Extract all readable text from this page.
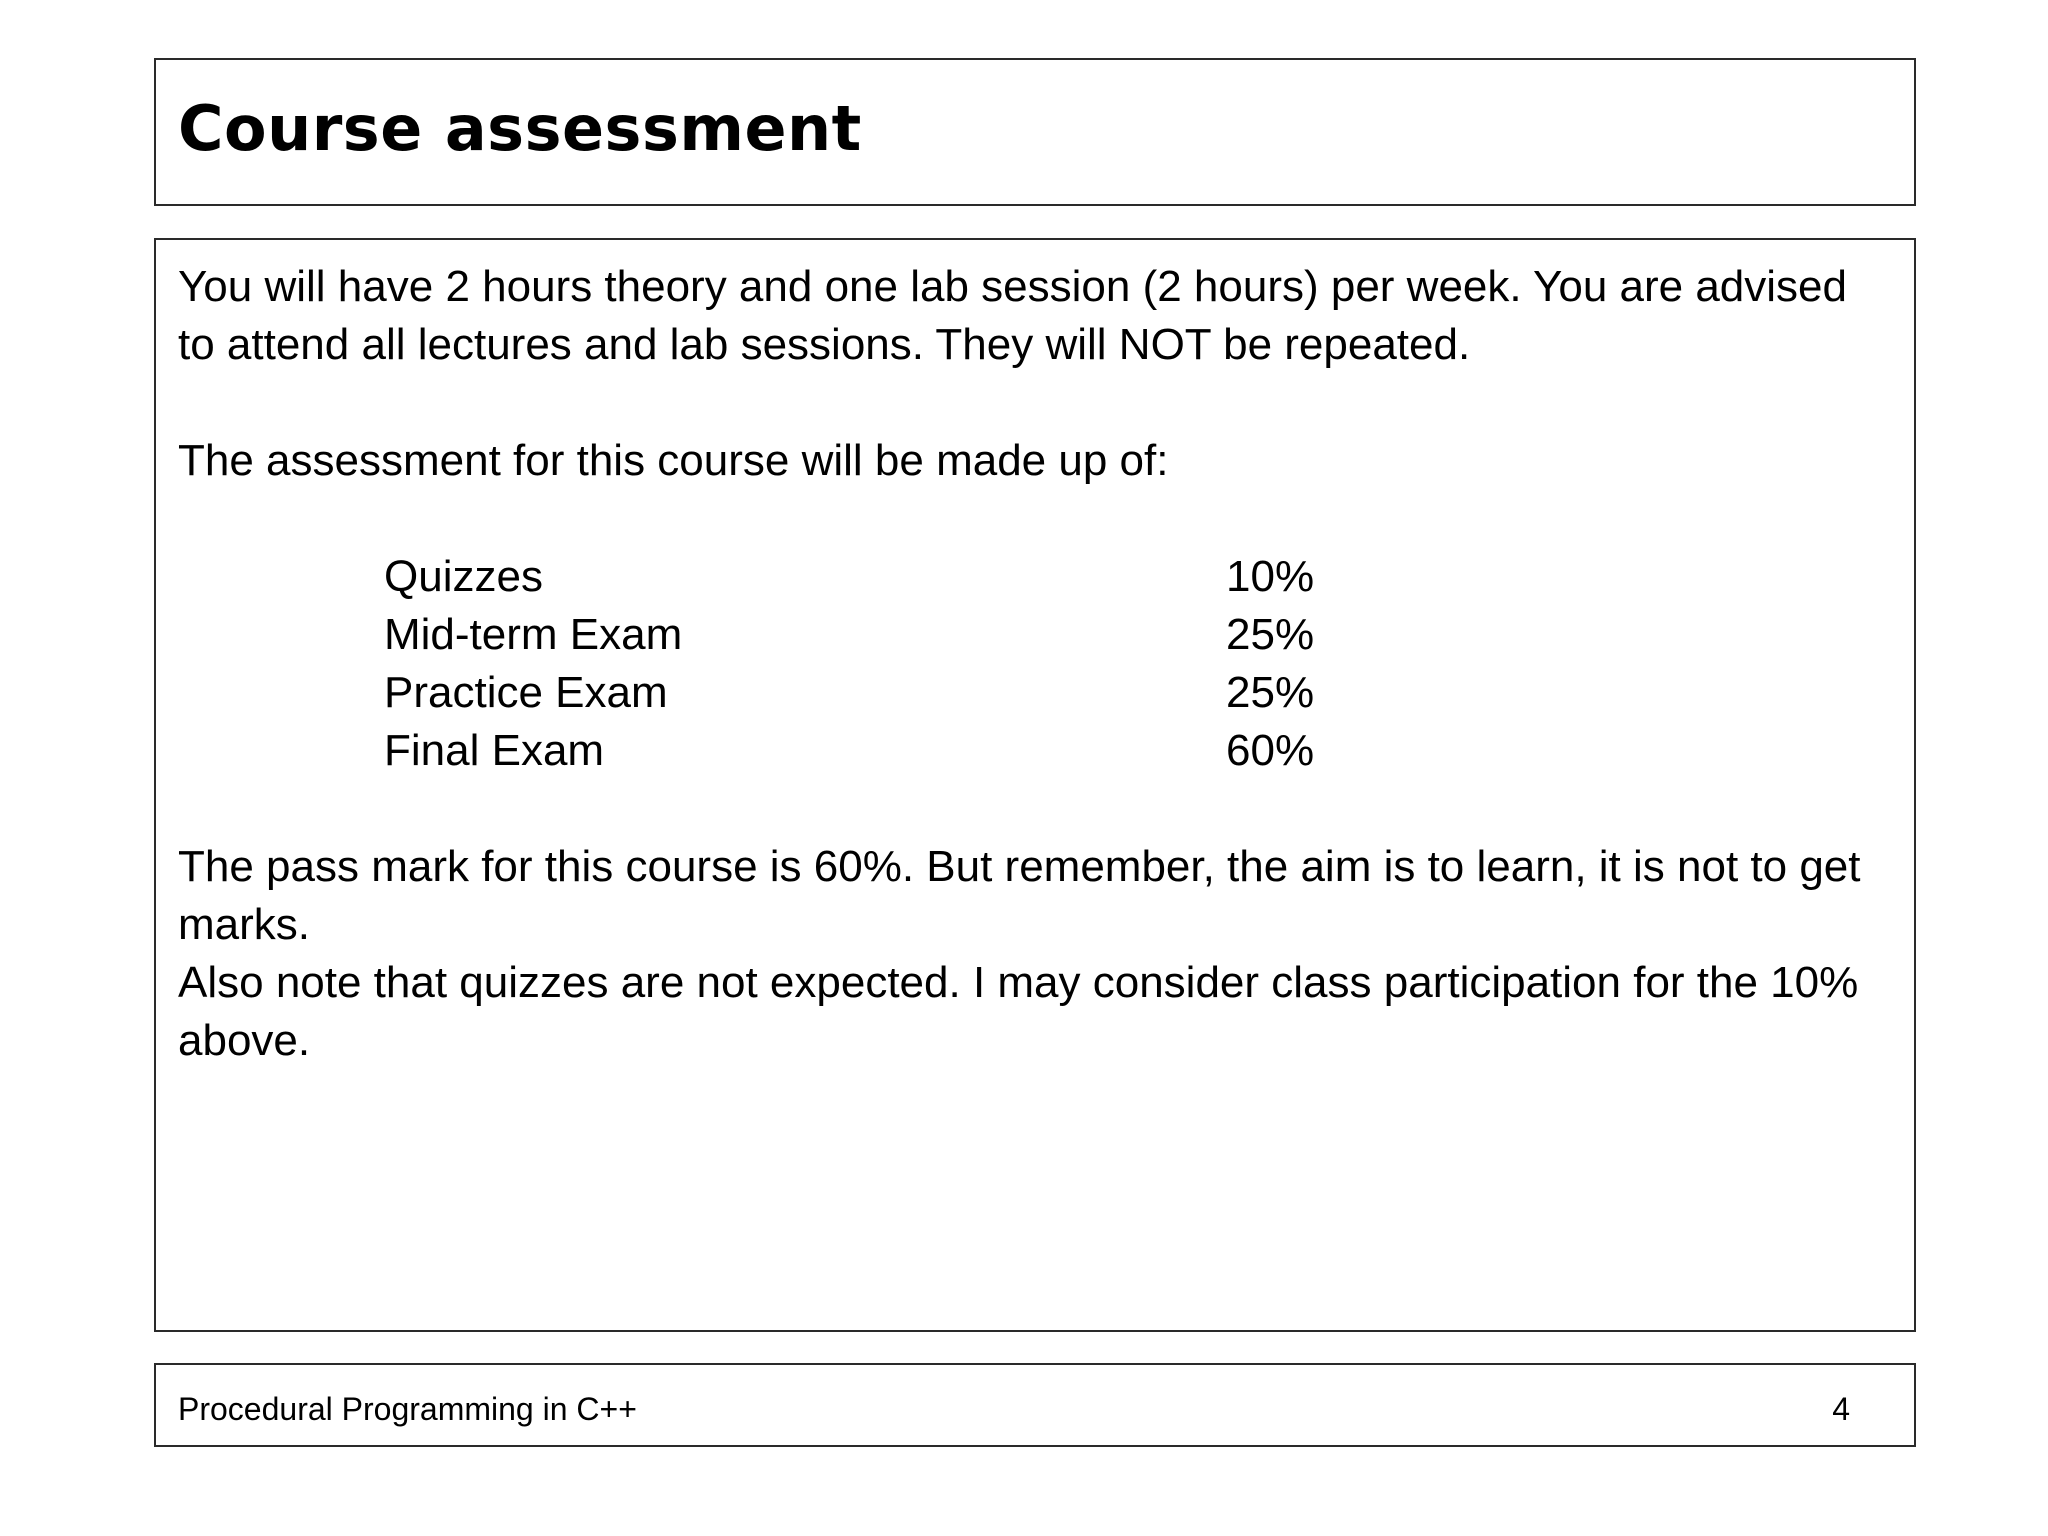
Course assessment

You will have 2 hours theory and one lab session (2 hours) per week. You are advised to attend all lectures and lab sessions. They will NOT be repeated.

The assessment for this course will be made up of:

Quizzes	10%
Mid-term Exam	25%
Practice Exam	25%
Final Exam	60%

The pass mark for this course is 60%. But remember, the aim is to learn, it is not to get marks.

Also note that quizzes are not expected. I may consider class participation for the 10% above.

Procedural Programming in C++	4
